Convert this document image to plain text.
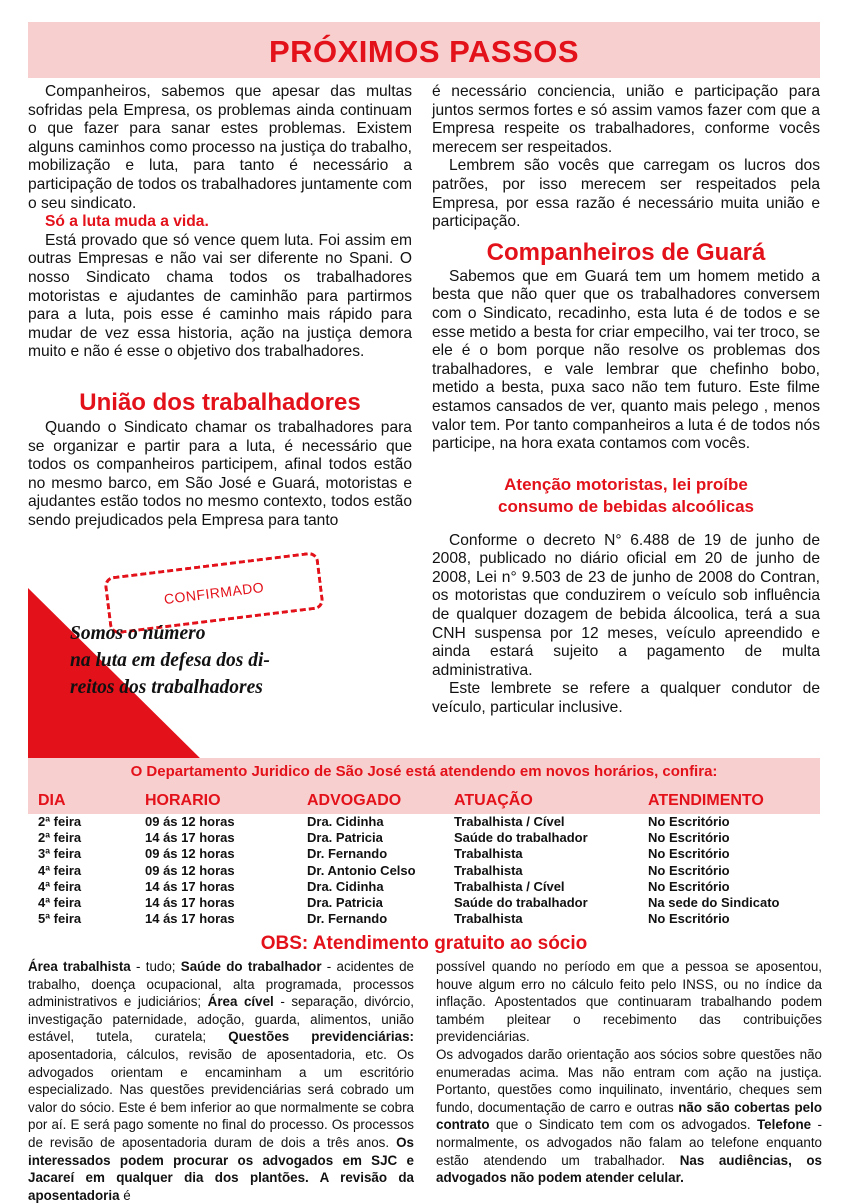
PRÓXIMOS PASSOS

Companheiros, sabemos que apesar das multas sofridas pela Empresa, os problemas ainda continuam o que fazer para sanar estes problemas. Existem alguns caminhos como processo na justiça do trabalho, mobilização e luta, para tanto é necessário a participação de todos os trabalhadores juntamente com o seu sindicato.

Só a luta muda a vida.

Está provado que só vence quem luta. Foi assim em outras Empresas e não vai ser diferente no Spani. O nosso Sindicato chama todos os trabalhadores motoristas e ajudantes de caminhão para partirmos para a luta, pois esse é caminho mais rápido para mudar de vez essa historia, ação na justiça demora muito e não é esse o objetivo dos trabalhadores.

União dos trabalhadores

Quando o Sindicato chamar os trabalhadores para se organizar e partir para a luta, é necessário que todos os companheiros participem, afinal todos estão no mesmo barco, em São José e Guará, motoristas e ajudantes estão todos no mesmo contexto, todos estão sendo prejudicados pela Empresa para tanto

CONFIRMADO

Somos o número
na luta em defesa dos di-
reitos dos trabalhadores

é necessário conciencia, união e participação para juntos sermos fortes e só assim vamos fazer com que a Empresa respeite os trabalhadores, conforme vocês merecem ser respeitados.

Lembrem são vocês que carregam os lucros dos patrões, por isso merecem ser respeitados pela Empresa, por essa razão é necessário muita união e participação.

Companheiros de Guará

Sabemos que em Guará tem um homem metido a besta que não quer que os trabalhadores conversem com o Sindicato, recadinho, esta luta é de todos e se esse metido a besta for criar empecilho, vai ter troco, se ele é o bom porque não resolve os problemas dos trabalhadores, e vale lembrar que chefinho bobo, metido a besta, puxa saco não tem futuro. Este filme estamos cansados de ver, quanto mais pelego , menos valor tem. Por tanto companheiros a luta é de todos nós participe, na hora exata contamos com vocês.

Atenção motoristas, lei proíbe
consumo de bebidas alcoólicas

Conforme o decreto N° 6.488 de 19 de junho de 2008, publicado no diário oficial em 20 de junho de 2008, Lei n° 9.503 de 23 de junho de 2008 do Contran, os motoristas que conduzirem o veículo sob influência de qualquer dozagem de bebida álcoolica, terá a sua CNH suspensa por 12 meses, veículo apreendido e ainda estará sujeito a pagamento de multa administrativa.

Este lembrete se refere a qualquer condutor de veículo, particular inclusive.

O Departamento Juridico de São José está atendendo em novos horários, confira:

DIA	HORARIO	ADVOGADO	ATUAÇÃO	ATENDIMENTO
2ª feira	09 ás 12 horas	Dra. Cidinha	Trabalhista / Cível	No Escritório
2ª feira	14 ás 17 horas	Dra. Patricia	Saúde do trabalhador	No Escritório
3ª feira	09 ás 12 horas	Dr. Fernando	Trabalhista	No Escritório
4ª feira	09 ás 12 horas	Dr. Antonio Celso	Trabalhista	No Escritório
4ª feira	14 ás 17 horas	Dra. Cidinha	Trabalhista / Cível	No Escritório
4ª feira	14 ás 17 horas	Dra. Patricia	Saúde do trabalhador	Na sede do Sindicato
5ª feira	14 ás 17 horas	Dr. Fernando	Trabalhista	No Escritório

OBS: Atendimento gratuito ao sócio

Área trabalhista - tudo; Saúde do trabalhador - acidentes de trabalho, doença ocupacional, alta programada, processos administrativos e judiciários; Área cível - separação, divórcio, investigação paternidade, adoção, guarda, alimentos, união estável, tutela, curatela; Questões previdenciárias: aposentadoria, cálculos, revisão de aposentadoria, etc. Os advogados orientam e encaminham a um escritório especializado. Nas questões previdenciárias será cobrado um valor do sócio. Este é bem inferior ao que normalmente se cobra por aí. E será pago somente no final do processo. Os processos de revisão de aposentadoria duram de dois a três anos. Os interessados podem procurar os advogados em SJC e Jacareí em qualquer dia dos plantões. A revisão da aposentadoria é

possível quando no período em que a pessoa se aposentou, houve algum erro no cálculo feito pelo INSS, ou no índice da inflação. Apostentados que continuaram trabalhando podem também pleitear o recebimento das contribuições previdenciárias.

Os advogados darão orientação aos sócios sobre questões não enumeradas acima. Mas não entram com ação na justiça. Portanto, questões como inquilinato, inventário, cheques sem fundo, documentação de carro e outras não são cobertas pelo contrato que o Sindicato tem com os advogados. Telefone - normalmente, os advogados não falam ao telefone enquanto estão atendendo um trabalhador. Nas audiências, os advogados não podem atender celular.
